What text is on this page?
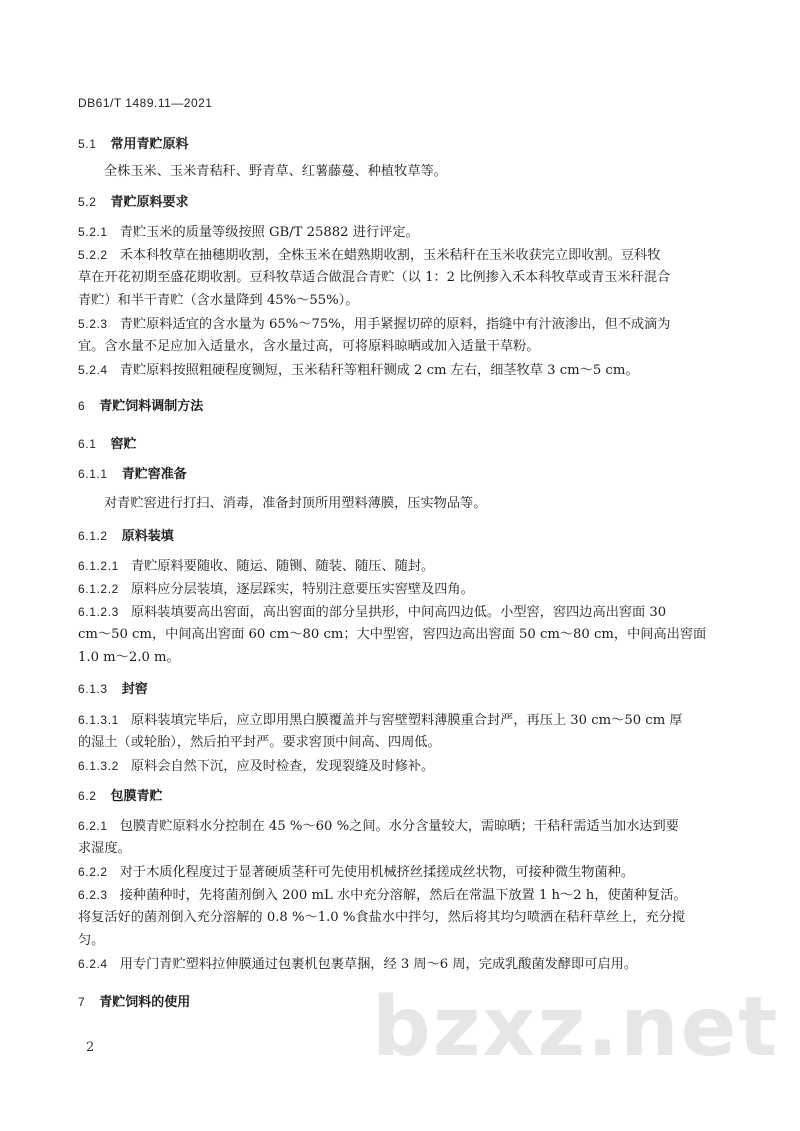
DB61/T 1489.11—2021
5.1 常用青贮原料
全株玉米、玉米青秸秆、野青草、红薯藤蔓、种植牧草等。
5.2 青贮原料要求
5.2.1 青贮玉米的质量等级按照 GB/T 25882 进行评定。
5.2.2 禾本科牧草在抽穗期收割，全株玉米在蜡熟期收割，玉米秸秆在玉米收获完立即收割。豆科牧
草在开花初期至盛花期收割。豆科牧草适合做混合青贮（以 1：2 比例掺入禾本科牧草或青玉米秆混合
青贮）和半干青贮（含水量降到 45%～55%）。
5.2.3 青贮原料适宜的含水量为 65%～75%，用手紧握切碎的原料，指缝中有汁液渗出，但不成滴为
宜。含水量不足应加入适量水，含水量过高，可将原料晾晒或加入适量干草粉。
5.2.4 青贮原料按照粗硬程度铡短，玉米秸秆等粗秆铡成 2 cm 左右，细茎牧草 3 cm～5 cm。
6 青贮饲料调制方法
6.1 窖贮
6.1.1 青贮窖准备
对青贮窖进行打扫、消毒，准备封顶所用塑料薄膜，压实物品等。
6.1.2 原料装填
6.1.2.1 青贮原料要随收、随运、随铡、随装、随压、随封。
6.1.2.2 原料应分层装填，逐层踩实，特别注意要压实窖壁及四角。
6.1.2.3 原料装填要高出窖面，高出窖面的部分呈拱形，中间高四边低。小型窖，窖四边高出窖面 30
cm～50 cm，中间高出窖面 60 cm～80 cm；大中型窖，窖四边高出窖面 50 cm～80 cm，中间高出窖面
1.0 m～2.0 m。
6.1.3 封窖
6.1.3.1 原料装填完毕后，应立即用黑白膜覆盖并与窖壁塑料薄膜重合封严，再压上 30 cm～50 cm 厚
的湿土（或轮胎），然后拍平封严。要求窖顶中间高、四周低。
6.1.3.2 原料会自然下沉，应及时检查，发现裂缝及时修补。
6.2 包膜青贮
6.2.1 包膜青贮原料水分控制在 45 %～60 %之间。水分含量较大，需晾晒；干秸秆需适当加水达到要
求湿度。
6.2.2 对于木质化程度过于显著硬质茎秆可先使用机械挤丝揉搓成丝状物，可接种微生物菌种。
6.2.3 接种菌种时，先将菌剂倒入 200 mL 水中充分溶解，然后在常温下放置 1 h～2 h，使菌种复活。
将复活好的菌剂倒入充分溶解的 0.8 %～1.0 %食盐水中拌匀，然后将其均匀喷洒在秸秆草丝上，充分搅
匀。
6.2.4 用专门青贮塑料拉伸膜通过包裹机包裹草捆，经 3 周～6 周，完成乳酸菌发酵即可启用。
7 青贮饲料的使用	bzxz.net
2
